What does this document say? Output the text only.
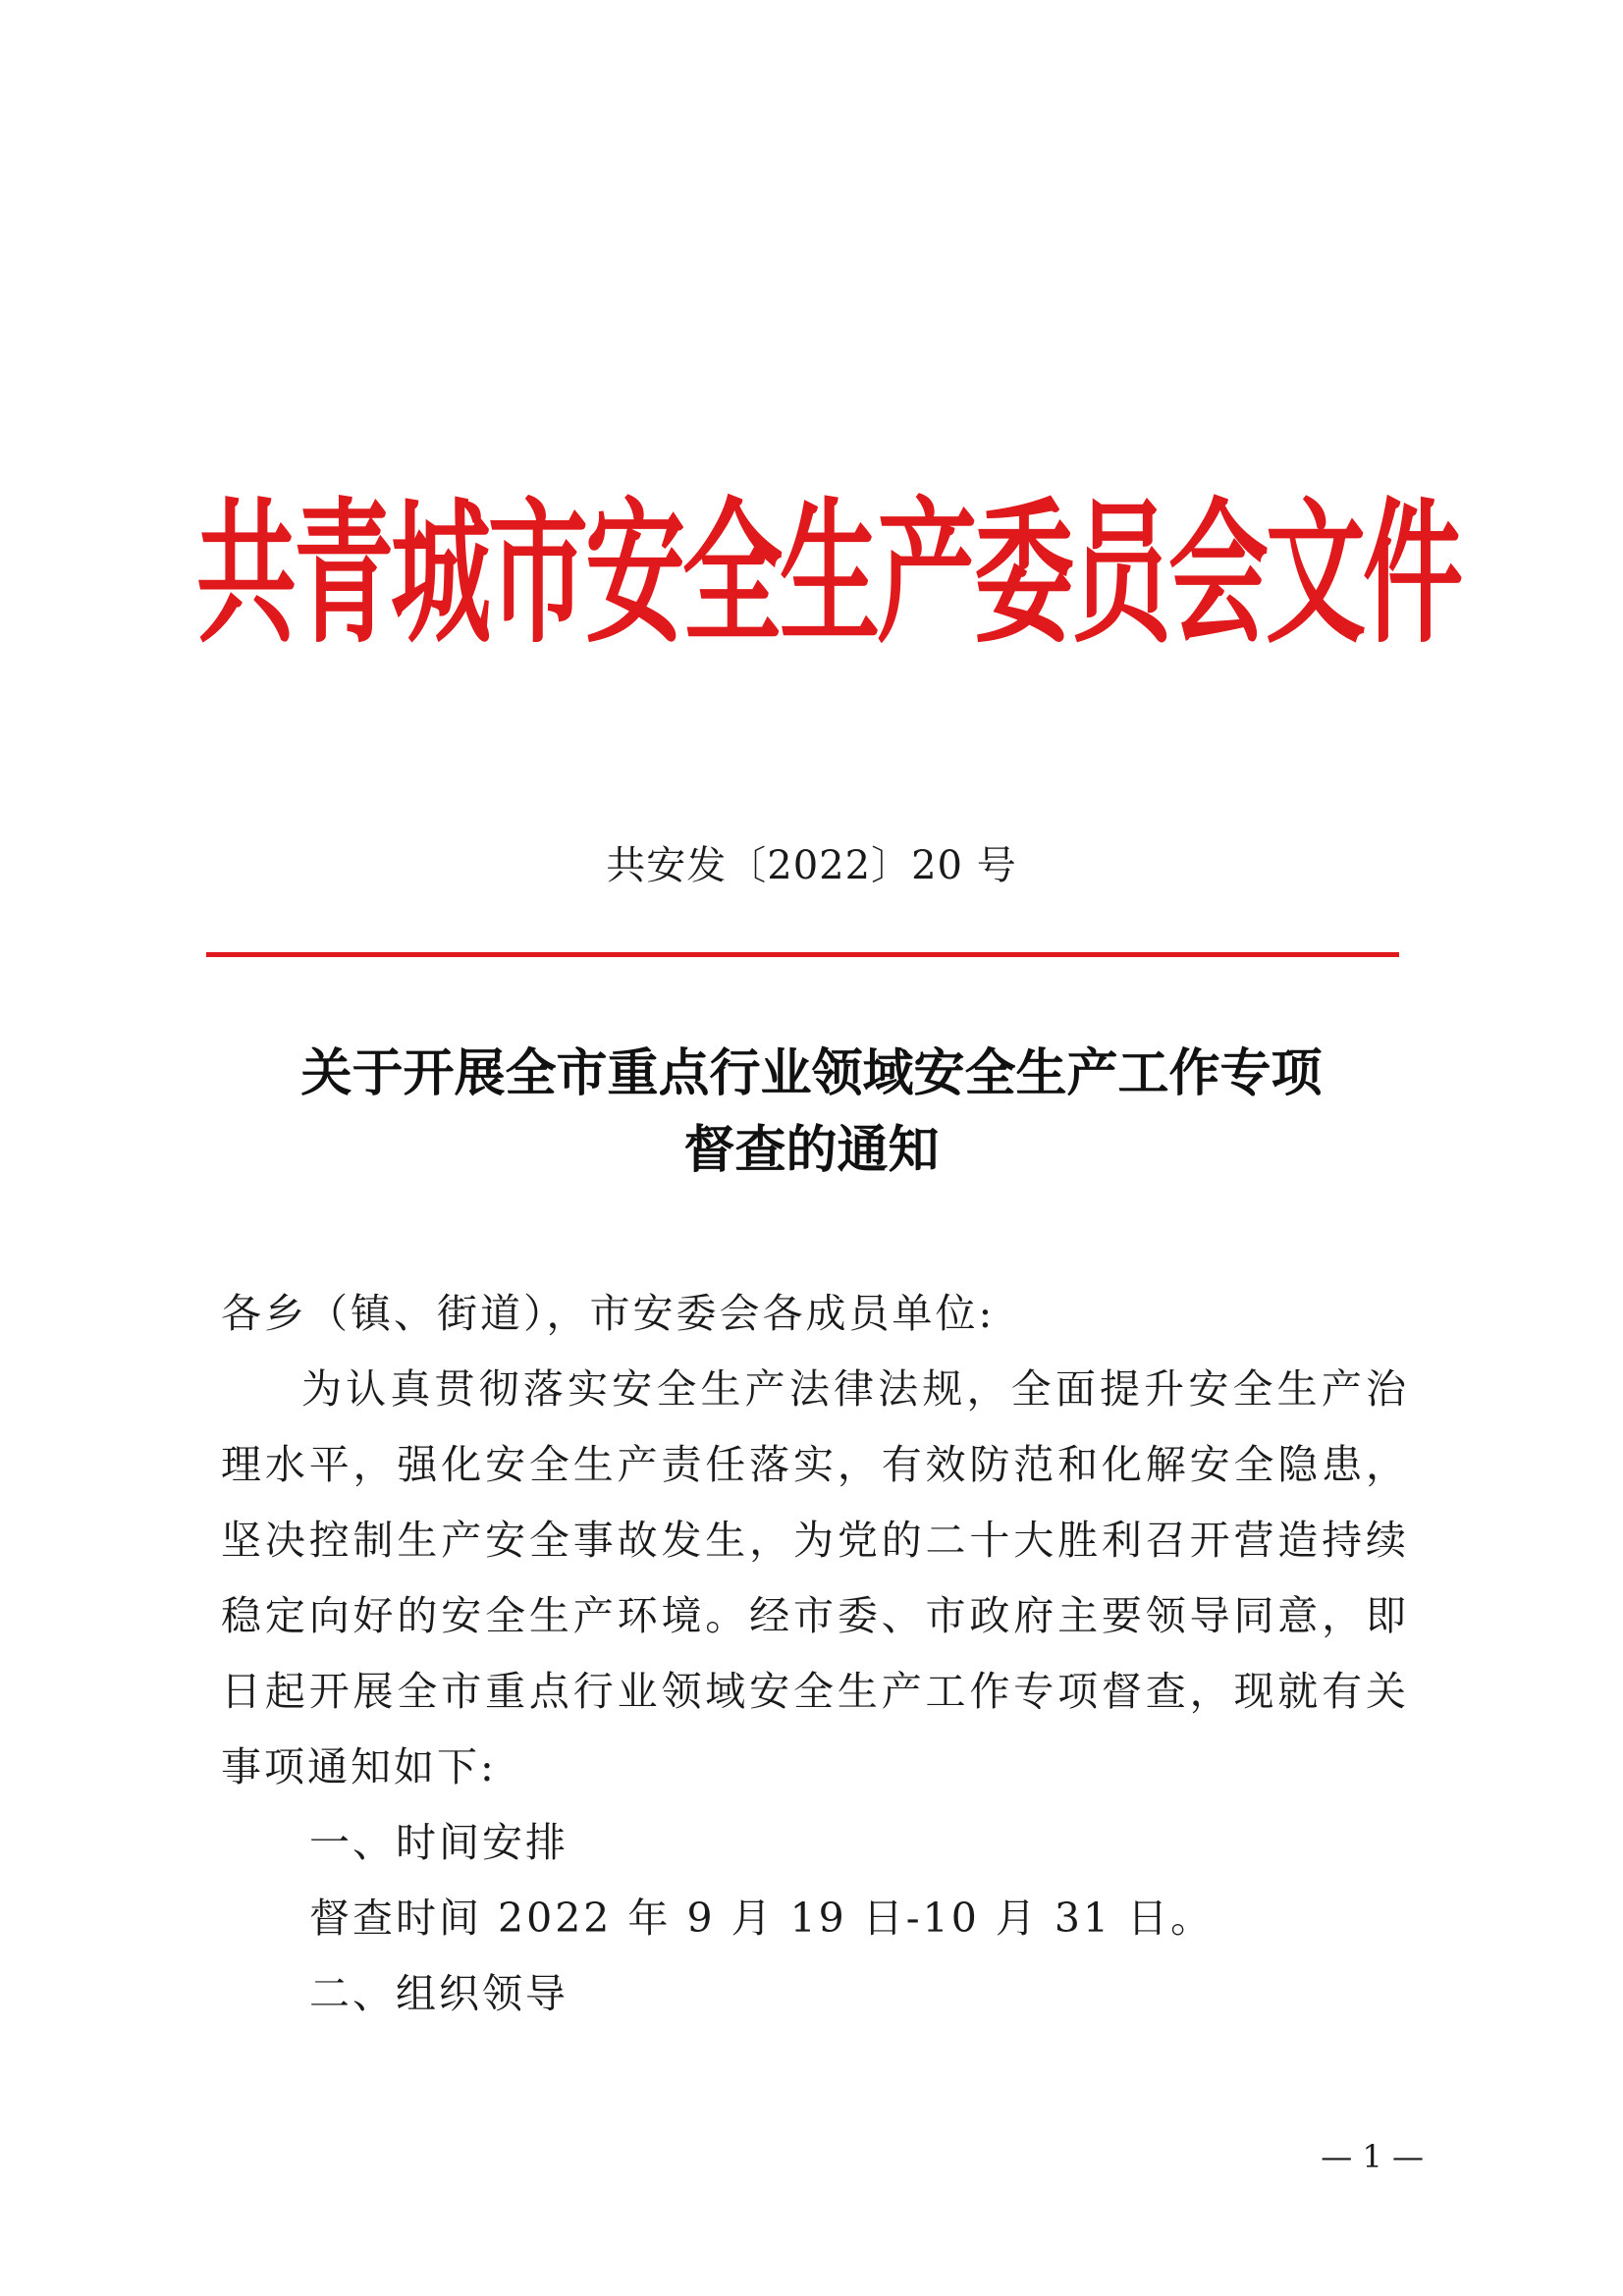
共青城市安全生产委员会文件
共安发〔2022〕20 号
关于开展全市重点行业领域安全生产工作专项
督查的通知

各乡（镇、街道），市安委会各成员单位:

为认真贯彻落实安全生产法律法规，全面提升安全生产治理水平，强化安全生产责任落实，有效防范和化解安全隐患，坚决控制生产安全事故发生，为党的二十大胜利召开营造持续稳定向好的安全生产环境。经市委、市政府主要领导同意，即日起开展全市重点行业领域安全生产工作专项督查，现就有关事项通知如下:

一、时间安排

督查时间 2022 年 9 月 19 日-10 月 31 日。

二、组织领导

— 1 —
